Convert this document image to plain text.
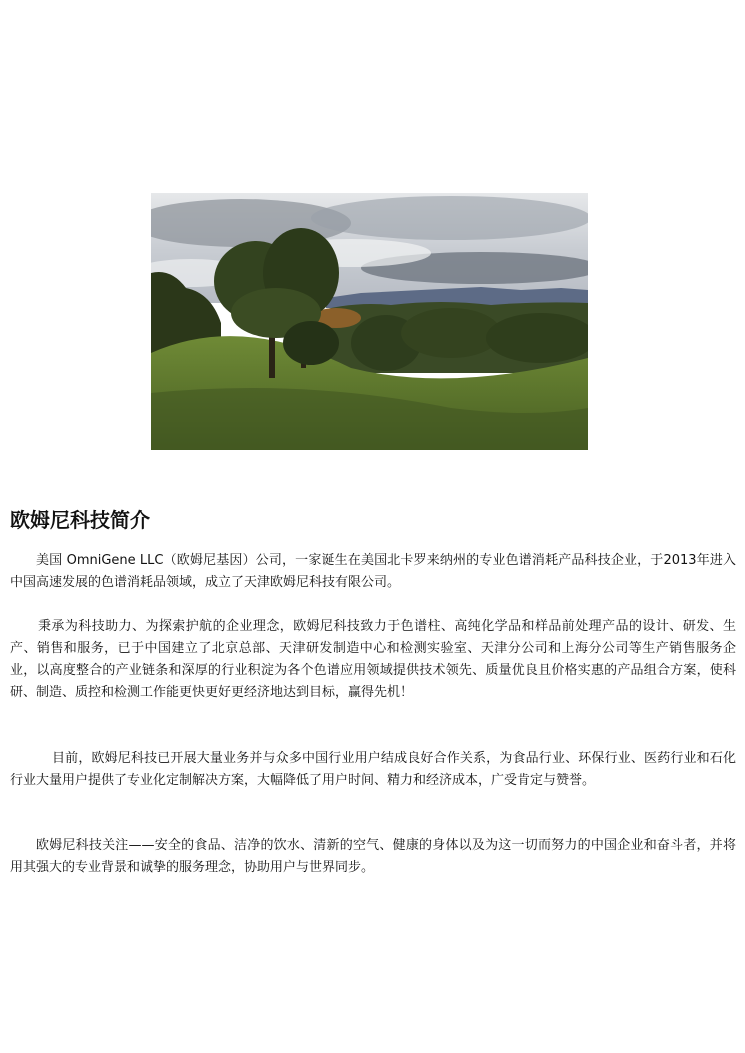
欧姆尼科技简介

美国 OmniGene LLC（欧姆尼基因）公司，一家诞生在美国北卡罗来纳州的专业色谱消耗产品科技企业，于2013年进入中国高速发展的色谱消耗品领域，成立了天津欧姆尼科技有限公司。

秉承为科技助力、为探索护航的企业理念，欧姆尼科技致力于色谱柱、高纯化学品和样品前处理产品的设计、研发、生产、销售和服务，已于中国建立了北京总部、天津研发制造中心和检测实验室、天津分公司和上海分公司等生产销售服务企业，以高度整合的产业链条和深厚的行业积淀为各个色谱应用领域提供技术领先、质量优良且价格实惠的产品组合方案，使科研、制造、质控和检测工作能更快更好更经济地达到目标，赢得先机！

目前，欧姆尼科技已开展大量业务并与众多中国行业用户结成良好合作关系，为食品行业、环保行业、医药行业和石化行业大量用户提供了专业化定制解决方案，大幅降低了用户时间、精力和经济成本，广受肯定与赞誉。

欧姆尼科技关注——安全的食品、洁净的饮水、清新的空气、健康的身体以及为这一切而努力的中国企业和奋斗者，并将用其强大的专业背景和诚挚的服务理念，协助用户与世界同步。
